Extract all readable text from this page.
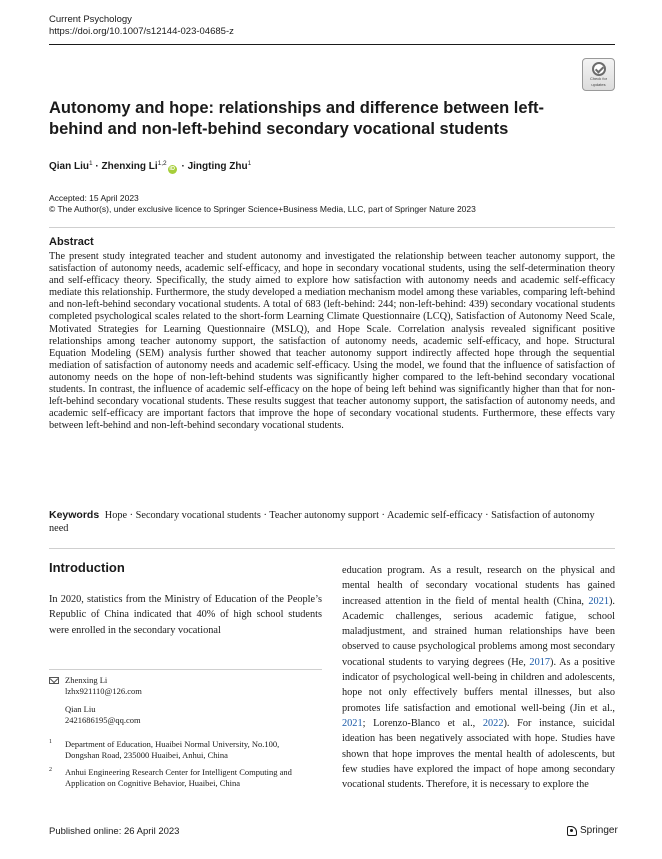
Current Psychology
https://doi.org/10.1007/s12144-023-04685-z
Check for
updates
Autonomy and hope: relationships and difference between left-behind and non-left-behind secondary vocational students
Qian Liu$^1$ · Zhenxing Li$^{1,2}$iD · Jingting Zhu$^1$
Accepted: 15 April 2023
© The Author(s), under exclusive licence to Springer Science+Business Media, LLC, part of Springer Nature 2023
Abstract
The present study integrated teacher and student autonomy and investigated the relationship between teacher autonomy support, the satisfaction of autonomy needs, academic self-efficacy, and hope in secondary vocational students, using the self-determination theory and self-efficacy theory. Specifically, the study aimed to explore how satisfaction with autonomy needs and academic self-efficacy mediate this relationship. Furthermore, the study developed a mediation mechanism model among these variables, comparing left-behind and non-left-behind secondary vocational students. A total of 683 (left-behind: 244; non-left-behind: 439) secondary vocational students completed psychological scales related to the short-form Learning Climate Questionnaire (LCQ), Satisfaction of Autonomy Need Scale, Motivated Strategies for Learning Questionnaire (MSLQ), and Hope Scale. Correlation analysis revealed significant positive relationships among teacher autonomy support, the satisfaction of autonomy needs, academic self-efficacy, and hope. Structural Equation Modeling (SEM) analysis further showed that teacher autonomy support indirectly affected hope through the sequential mediation of satisfaction of autonomy needs and academic self-efficacy. Using the model, we found that the influence of satisfaction of autonomy needs on the hope of non-left-behind students was significantly higher compared to the left-behind secondary vocational students. In contrast, the influence of academic self-efficacy on the hope of being left behind was significantly higher than that for non-left-behind secondary vocational students. These results suggest that teacher autonomy support, the satisfaction of autonomy needs, and academic self-efficacy are important factors that improve the hope of secondary vocational students. Furthermore, these effects vary between left-behind and non-left-behind secondary vocational students.
Keywords Hope · Secondary vocational students · Teacher autonomy support · Academic self-efficacy · Satisfaction of autonomy need
Introduction
In 2020, statistics from the Ministry of Education of the People’s Republic of China indicated that 40% of high school students were enrolled in the secondary vocational
education program. As a result, research on the physical and mental health of secondary vocational students has gained increased attention in the field of mental health (China, 2021). Academic challenges, serious academic fatigue, school maladjustment, and strained human relationships have been observed to cause psychological problems among most secondary vocational students to varying degrees (He, 2017). As a positive indicator of psychological well-being in children and adolescents, hope not only effectively buffers mental illnesses, but also promotes life satisfaction and emotional well-being (Jin et al., 2021; Lorenzo-Blanco et al., 2022). For instance, suicidal ideation has been negatively associated with hope. Studies have shown that hope improves the mental health of adolescents, but few studies have explored the impact of hope among secondary vocational students. Therefore, it is necessary to explore the
Zhenxing Li
lzhx921110@126.com
Qian Liu
2421686195@qq.com
1 Department of Education, Huaibei Normal University, No.100, Dongshan Road, 235000 Huaibei, Anhui, China
2 Anhui Engineering Research Center for Intelligent Computing and Application on Cognitive Behavior, Huaibei, China
Published online: 26 April 2023	Springer
